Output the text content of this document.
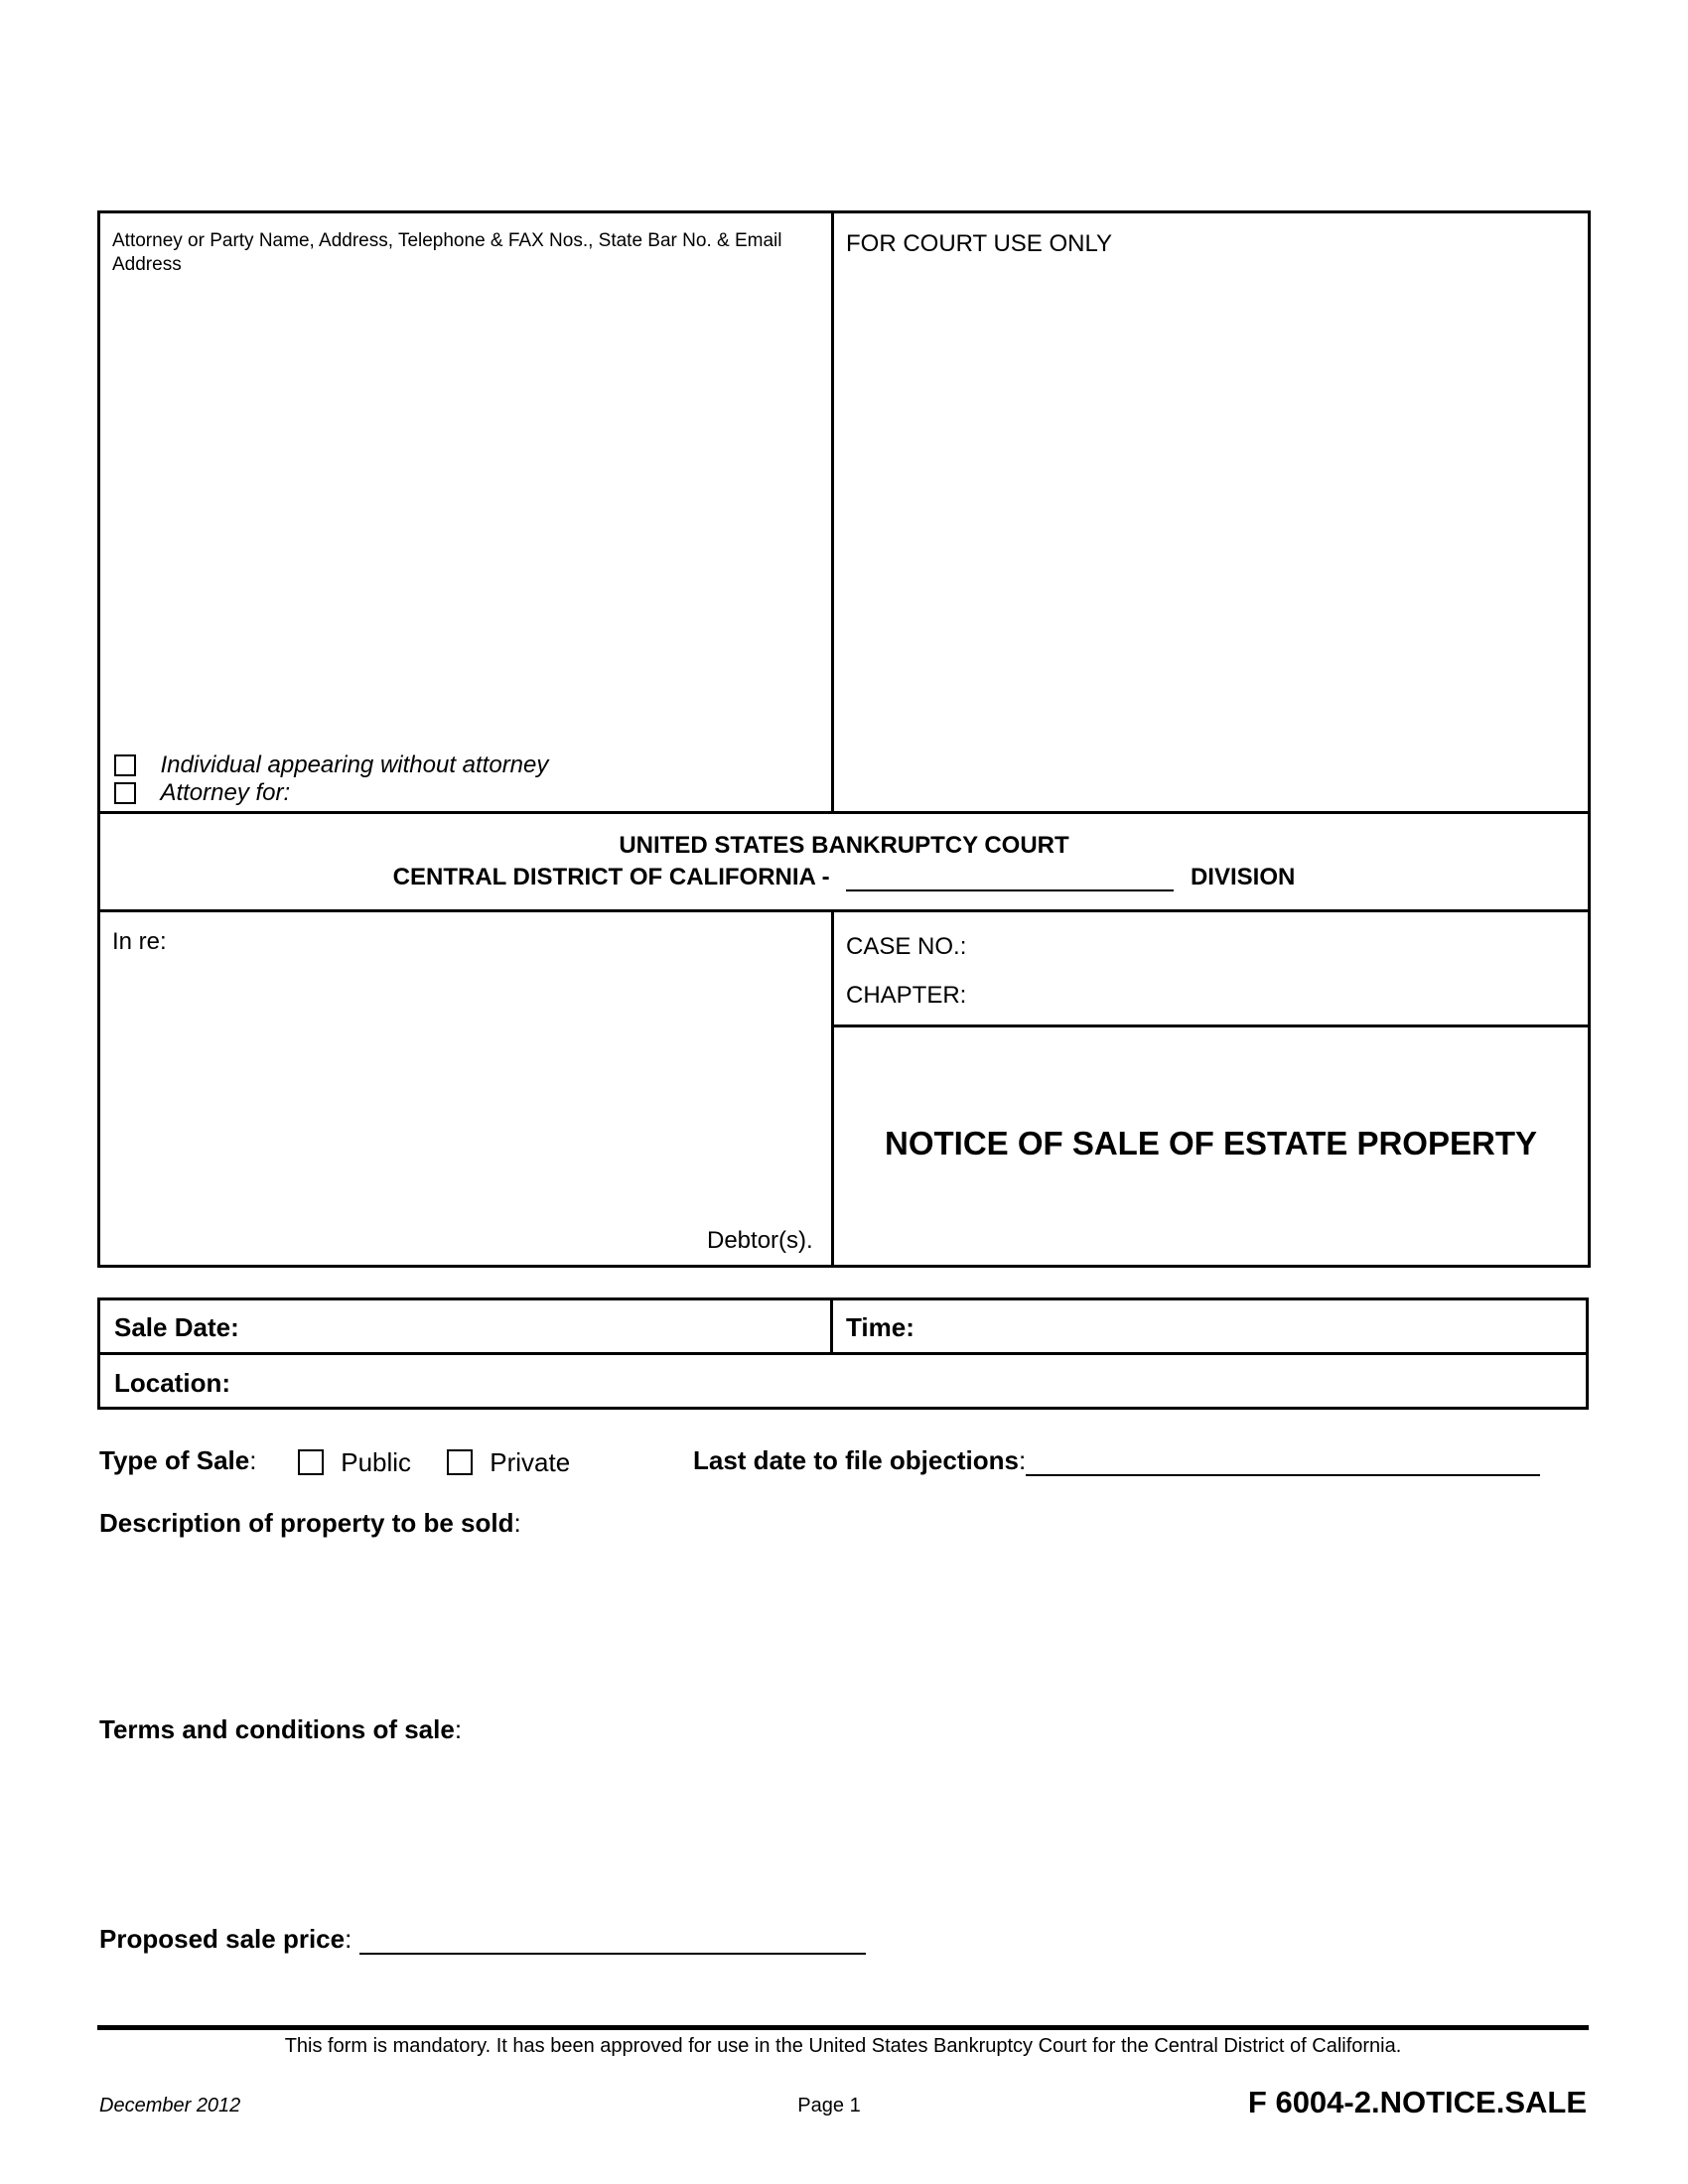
Attorney or Party Name, Address, Telephone & FAX Nos., State Bar No. & Email Address
FOR COURT USE ONLY
Individual appearing without attorney
Attorney for:
UNITED STATES BANKRUPTCY COURT
CENTRAL DISTRICT OF CALIFORNIA -	DIVISION
In re:
Debtor(s).
CASE NO.:
CHAPTER:
NOTICE OF SALE OF ESTATE PROPERTY
Sale Date:	Time:
Location:
Type of Sale:	Public	Private	Last date to file objections:
Description of property to be sold:
Terms and conditions of sale:
Proposed sale price:
This form is mandatory. It has been approved for use in the United States Bankruptcy Court for the Central District of California.
December 2012	Page 1	F 6004-2.NOTICE.SALE
